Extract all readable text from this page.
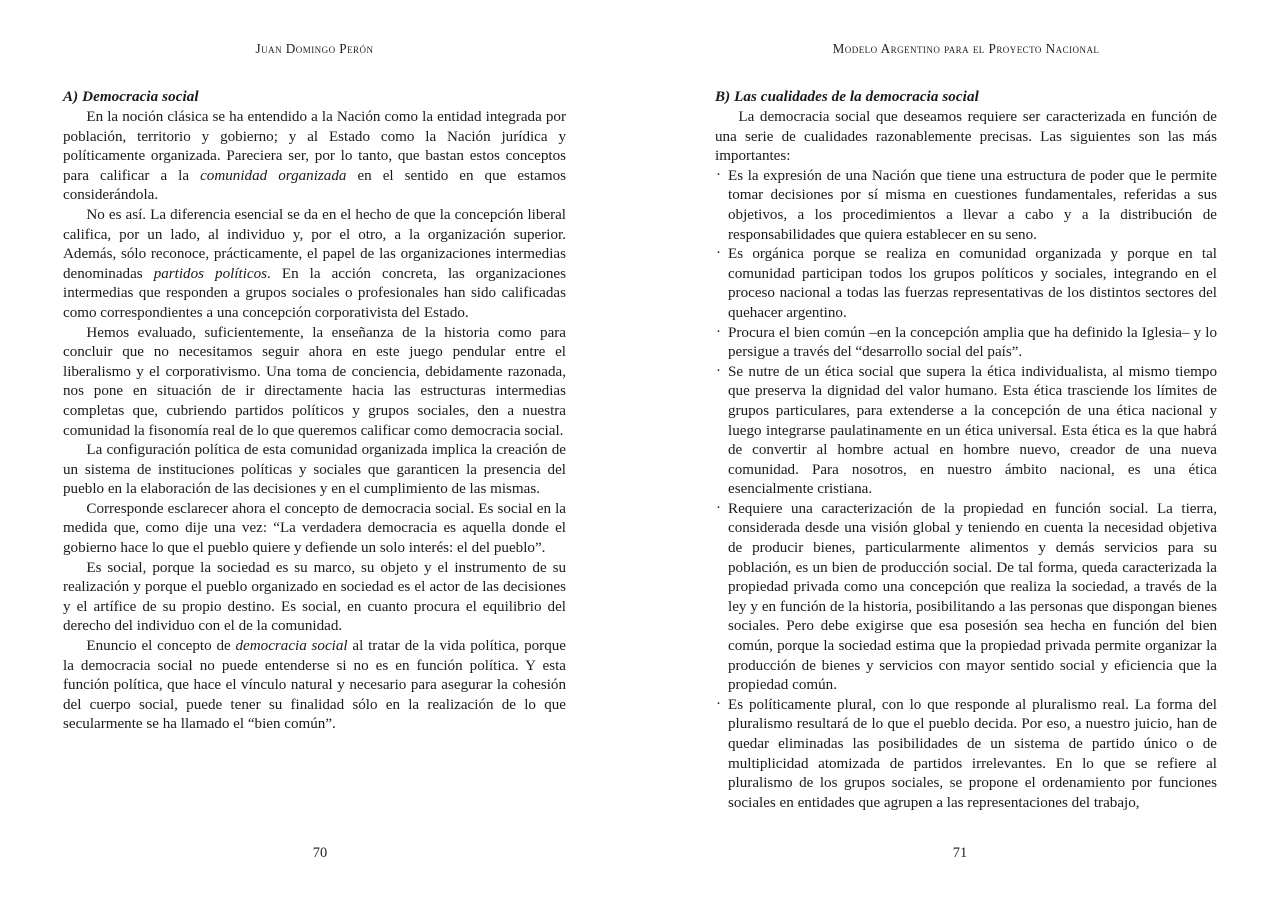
Juan Domingo Perón
A) Democracia social

En la noción clásica se ha entendido a la Nación como la entidad integrada por población, territorio y gobierno; y al Estado como la Nación jurídica y políticamente organizada. Pareciera ser, por lo tanto, que bastan estos conceptos para calificar a la comunidad organizada en el sentido en que estamos considerándola.

No es así. La diferencia esencial se da en el hecho de que la concepción liberal califica, por un lado, al individuo y, por el otro, a la organización superior. Además, sólo reconoce, prácticamente, el papel de las organizaciones intermedias denominadas partidos políticos. En la acción concreta, las organizaciones intermedias que responden a grupos sociales o profesionales han sido calificadas como correspondientes a una concepción corporativista del Estado.

Hemos evaluado, suficientemente, la enseñanza de la historia como para concluir que no necesitamos seguir ahora en este juego pendular entre el liberalismo y el corporativismo. Una toma de conciencia, debidamente razonada, nos pone en situación de ir directamente hacia las estructuras intermedias completas que, cubriendo partidos políticos y grupos sociales, den a nuestra comunidad la fisonomía real de lo que queremos calificar como democracia social.

La configuración política de esta comunidad organizada implica la creación de un sistema de instituciones políticas y sociales que garanticen la presencia del pueblo en la elaboración de las decisiones y en el cumplimiento de las mismas.

Corresponde esclarecer ahora el concepto de democracia social. Es social en la medida que, como dije una vez: “La verdadera democracia es aquella donde el gobierno hace lo que el pueblo quiere y defiende un solo interés: el del pueblo”.

Es social, porque la sociedad es su marco, su objeto y el instrumento de su realización y porque el pueblo organizado en sociedad es el actor de las decisiones y el artífice de su propio destino. Es social, en cuanto procura el equilibrio del derecho del individuo con el de la comunidad.

Enuncio el concepto de democracia social al tratar de la vida política, porque la democracia social no puede entenderse si no es en función política. Y esta función política, que hace el vínculo natural y necesario para asegurar la cohesión del cuerpo social, puede tener su finalidad sólo en la realización de lo que secularmente se ha llamado el “bien común”.

70
Modelo Argentino para el Proyecto Nacional
B) Las cualidades de la democracia social

La democracia social que deseamos requiere ser caracterizada en función de una serie de cualidades razonablemente precisas. Las siguientes son las más importantes:

· Es la expresión de una Nación que tiene una estructura de poder que le permite tomar decisiones por sí misma en cuestiones fundamentales, referidas a sus objetivos, a los procedimientos a llevar a cabo y a la distribución de responsabilidades que quiera establecer en su seno.
· Es orgánica porque se realiza en comunidad organizada y porque en tal comunidad participan todos los grupos políticos y sociales, integrando en el proceso nacional a todas las fuerzas representativas de los distintos sectores del quehacer argentino.
· Procura el bien común –en la concepción amplia que ha definido la Iglesia– y lo persigue a través del “desarrollo social del país”.
· Se nutre de un ética social que supera la ética individualista, al mismo tiempo que preserva la dignidad del valor humano. Esta ética trasciende los límites de grupos particulares, para extenderse a la concepción de una ética nacional y luego integrarse paulatinamente en un ética universal. Esta ética es la que habrá de convertir al hombre actual en hombre nuevo, creador de una nueva comunidad. Para nosotros, en nuestro ámbito nacional, es una ética esencialmente cristiana.
· Requiere una caracterización de la propiedad en función social. La tierra, considerada desde una visión global y teniendo en cuenta la necesidad objetiva de producir bienes, particularmente alimentos y demás servicios para su población, es un bien de producción social. De tal forma, queda caracterizada la propiedad privada como una concepción que realiza la sociedad, a través de la ley y en función de la historia, posibilitando a las personas que dispongan bienes sociales. Pero debe exigirse que esa posesión sea hecha en función del bien común, porque la sociedad estima que la propiedad privada permite organizar la producción de bienes y servicios con mayor sentido social y eficiencia que la propiedad común.
· Es políticamente plural, con lo que responde al pluralismo real. La forma del pluralismo resultará de lo que el pueblo decida. Por eso, a nuestro juicio, han de quedar eliminadas las posibilidades de un sistema de partido único o de multiplicidad atomizada de partidos irrelevantes. En lo que se refiere al pluralismo de los grupos sociales, se propone el ordenamiento por funciones sociales en entidades que agrupen a las representaciones del trabajo,
71
